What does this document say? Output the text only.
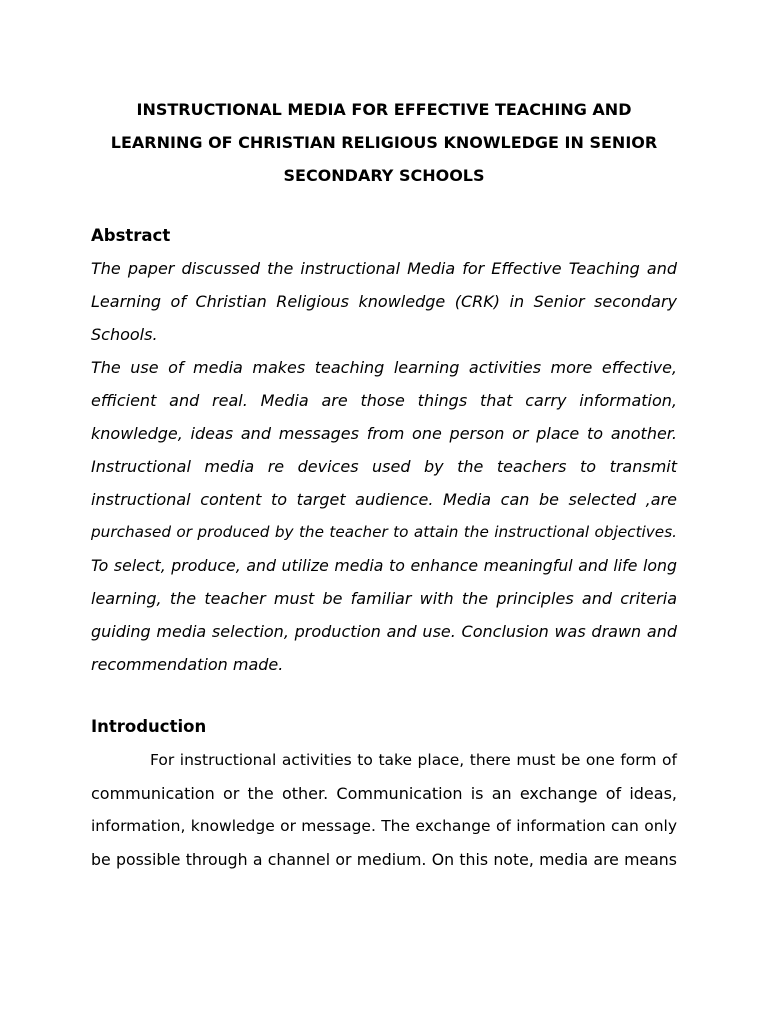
INSTRUCTIONAL MEDIA FOR EFFECTIVE TEACHING AND
LEARNING OF CHRISTIAN RELIGIOUS KNOWLEDGE IN SENIOR
SECONDARY SCHOOLS
Abstract
The paper discussed the instructional Media for Effective Teaching and
Learning of Christian Religious knowledge (CRK) in Senior secondary
Schools.
The use of media makes teaching learning activities more effective,
efficient and real. Media are those things that carry information,
knowledge, ideas and messages from one person or place to another.
Instructional media re devices used by the teachers to transmit
instructional content to target audience. Media can be selected ,are
purchased or produced by the teacher to attain the instructional objectives.
To select, produce, and utilize media to enhance meaningful and life long
learning, the teacher must be familiar with the principles and criteria
guiding media selection, production and use. Conclusion was drawn and
recommendation made.
Introduction
For instructional activities to take place, there must be one form of
communication or the other. Communication is an exchange of ideas,
information, knowledge or message. The exchange of information can only
be possible through a channel or medium. On this note, media are means
